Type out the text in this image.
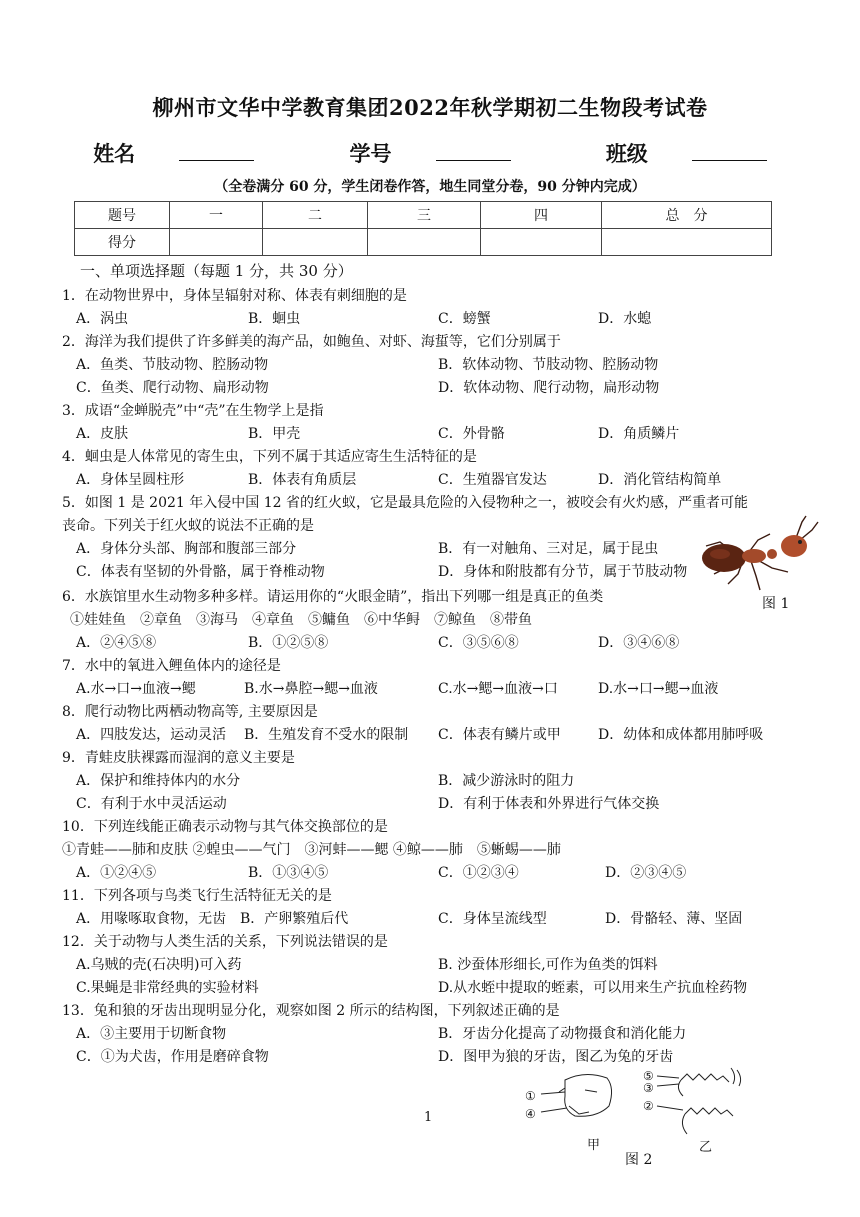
柳州市文华中学教育集团2022年秋学期初二生物段考试卷
姓名	学号	班级
（全卷满分 60 分，学生闭卷作答，地生同堂分卷，90 分钟内完成）
题号	一	二	三	四	总　分
得分					
一、单项选择题（每题 1 分，共 30 分）
1．在动物世界中，身体呈辐射对称、体表有刺细胞的是
A．涡虫	B．蛔虫	C．螃蟹	D．水螅
2．海洋为我们提供了许多鲜美的海产品，如鲍鱼、对虾、海蜇等，它们分别属于
A．鱼类、节肢动物、腔肠动物	B．软体动物、节肢动物、腔肠动物
C．鱼类、爬行动物、扁形动物	D．软体动物、爬行动物，扁形动物
3．成语“金蝉脱壳”中“壳”在生物学上是指
A．皮肤	B．甲壳	C．外骨骼	D．角质鳞片
4．蛔虫是人体常见的寄生虫，下列不属于其适应寄生生活特征的是
A．身体呈圆柱形	B．体表有角质层	C．生殖器官发达	D．消化管结构简单
5．如图 1 是 2021 年入侵中国 12 省的红火蚁，它是最具危险的入侵物种之一，被咬会有火灼感，严重者可能
丧命。下列关于红火蚁的说法不正确的是
A．身体分头部、胸部和腹部三部分	B．有一对触角、三对足，属于昆虫
C．体表有坚韧的外骨骼，属于脊椎动物	D．身体和附肢都有分节，属于节肢动物
图 1
6．水族馆里水生动物多种多样。请运用你的“火眼金睛”，指出下列哪一组是真正的鱼类
①娃娃鱼　②章鱼　③海马　④章鱼　⑤鳙鱼　⑥中华鲟　⑦鲸鱼　⑧带鱼
A．②④⑤⑧	B．①②⑤⑧	C．③⑤⑥⑧	D．③④⑥⑧
7．水中的氧进入鲤鱼体内的途径是
A.水→口→血液→鳃	B.水→鼻腔→鳃→血液	C.水→鳃→血液→口	D.水→口→鳃→血液
8．爬行动物比两栖动物高等, 主要原因是
A．四肢发达，运动灵活 B．生殖发育不受水的限制 C．体表有鳞片或甲	D．幼体和成体都用肺呼吸
9．青蛙皮肤裸露而湿润的意义主要是
A．保护和维持体内的水分	B．减少游泳时的阻力
C．有利于水中灵活运动	D．有利于体表和外界进行气体交换
10．下列连线能正确表示动物与其气体交换部位的是
①青蛙——肺和皮肤 ②蝗虫——气门　③河蚌——鳃 ④鲸——肺　⑤蜥蜴——肺
A．①②④⑤	B．①③④⑤	C．①②③④	D．②③④⑤
11．下列各项与鸟类飞行生活特征无关的是
A．用喙啄取食物，无齿 B．产卵繁殖后代	C．身体呈流线型	D．骨骼轻、薄、坚固
12．关于动物与人类生活的关系，下列说法错误的是
A.乌贼的壳(石决明)可入药	B. 沙蚕体形细长,可作为鱼类的饵料
C.果蝇是非常经典的实验材料	D.从水蛭中提取的蛭素，可以用来生产抗血栓药物
13．兔和狼的牙齿出现明显分化，观察如图 2 所示的结构图，下列叙述正确的是
A．③主要用于切断食物	B．牙齿分化提高了动物摄食和消化能力
C．①为犬齿，作用是磨碎食物	D．图甲为狼的牙齿，图乙为兔的牙齿
①
④
⑤
③
②
甲	乙
图 2
1
